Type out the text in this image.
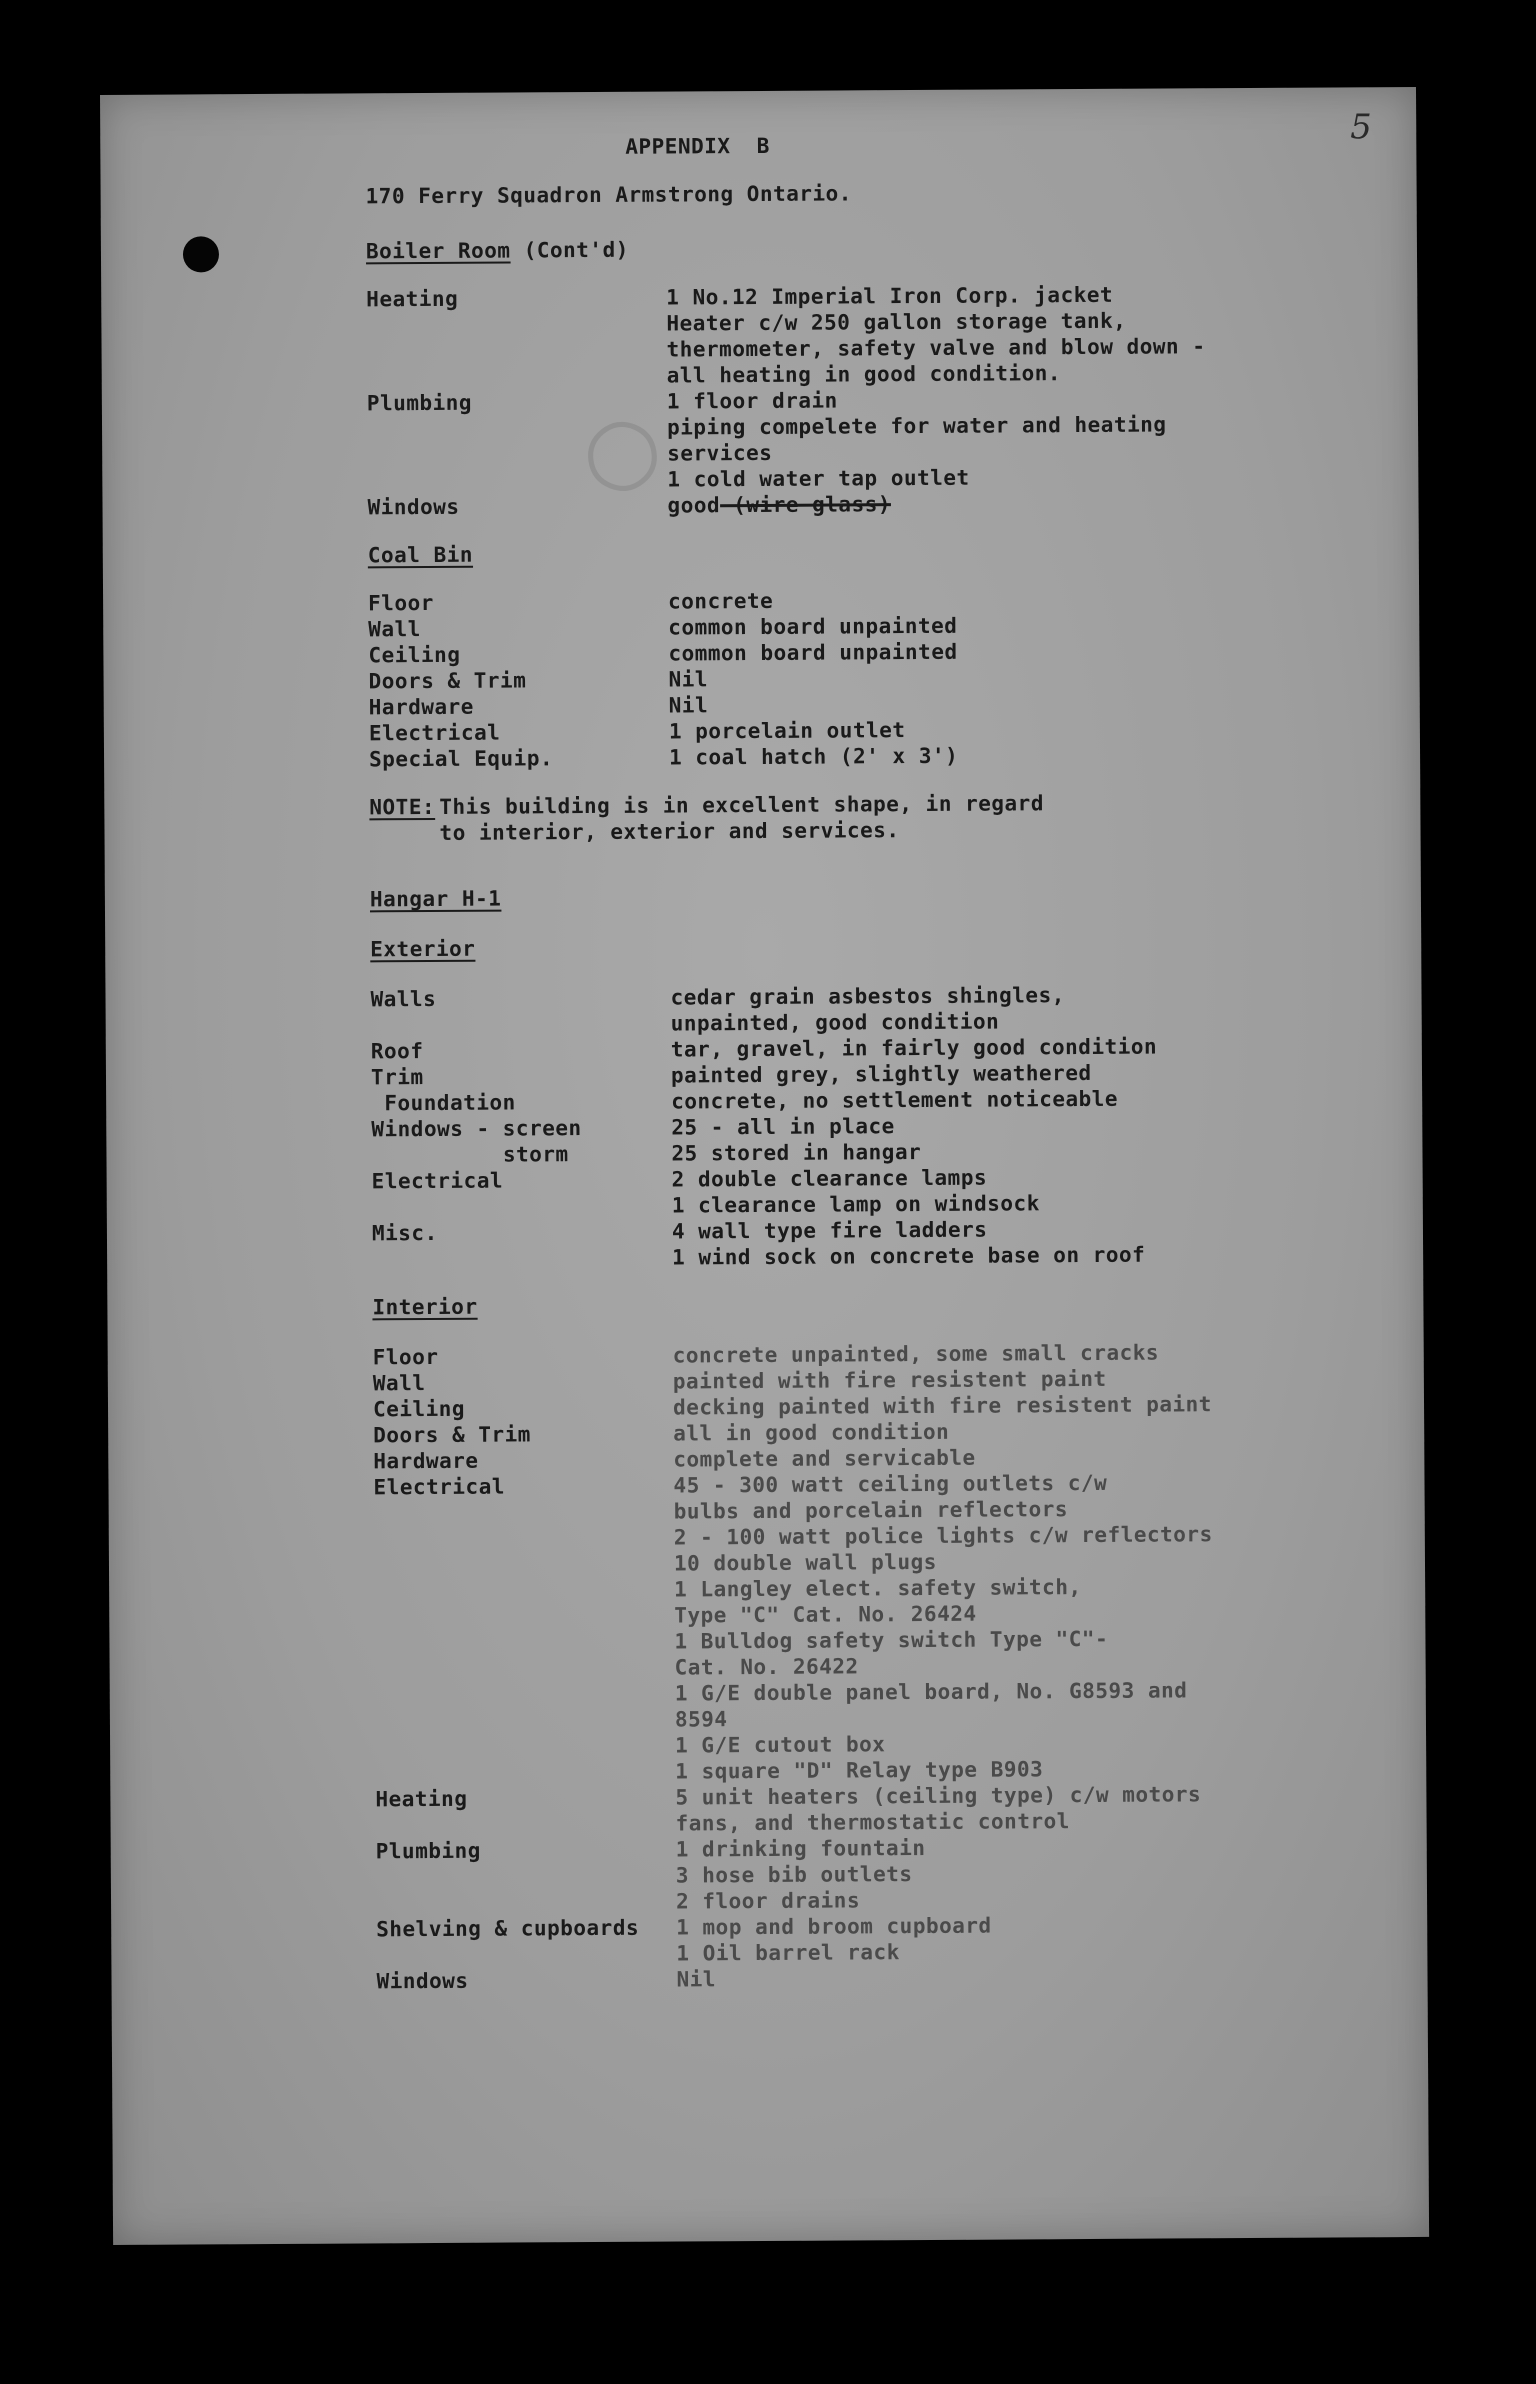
○
5
APPENDIX  B
170 Ferry Squadron Armstrong Ontario.
Boiler Room (Cont'd)
Heating	1 No.12 Imperial Iron Corp. jacket
Heater c/w 250 gallon storage tank,
thermometer, safety valve and blow down -
all heating in good condition.
Plumbing	1 floor drain
piping compelete for water and heating
services
1 cold water tap outlet
Windows	good (wire glass)
Coal Bin
Floor	concrete
Wall	common board unpainted
Ceiling	common board unpainted
Doors & Trim	Nil
Hardware	Nil
Electrical	1 porcelain outlet
Special Equip.	1 coal hatch (2' x 3')
NOTE: This building is in excellent shape, in regard
to interior, exterior and services.
Hangar H-1
Exterior
Walls	cedar grain asbestos shingles,
unpainted, good condition
Roof	tar, gravel, in fairly good condition
Trim	painted grey, slightly weathered
Foundation	concrete, no settlement noticeable
Windows - screen	25 - all in place
storm	25 stored in hangar
Electrical	2 double clearance lamps
1 clearance lamp on windsock
Misc.	4 wall type fire ladders
1 wind sock on concrete base on roof
Interior
Floor	concrete unpainted, some small cracks
Wall	painted with fire resistent paint
Ceiling	decking painted with fire resistent paint
Doors & Trim	all in good condition
Hardware	complete and servicable
Electrical	45 - 300 watt ceiling outlets c/w
bulbs and porcelain reflectors
2 - 100 watt police lights c/w reflectors
10 double wall plugs
1 Langley elect. safety switch,
Type "C" Cat. No. 26424
1 Bulldog safety switch Type "C"-
Cat. No. 26422
1 G/E double panel board, No. G8593 and
8594
1 G/E cutout box
1 square "D" Relay type B903
Heating	5 unit heaters (ceiling type) c/w motors
fans, and thermostatic control
Plumbing	1 drinking fountain
3 hose bib outlets
2 floor drains
Shelving & cupboards 1 mop and broom cupboard
1 Oil barrel rack
Windows	Nil
